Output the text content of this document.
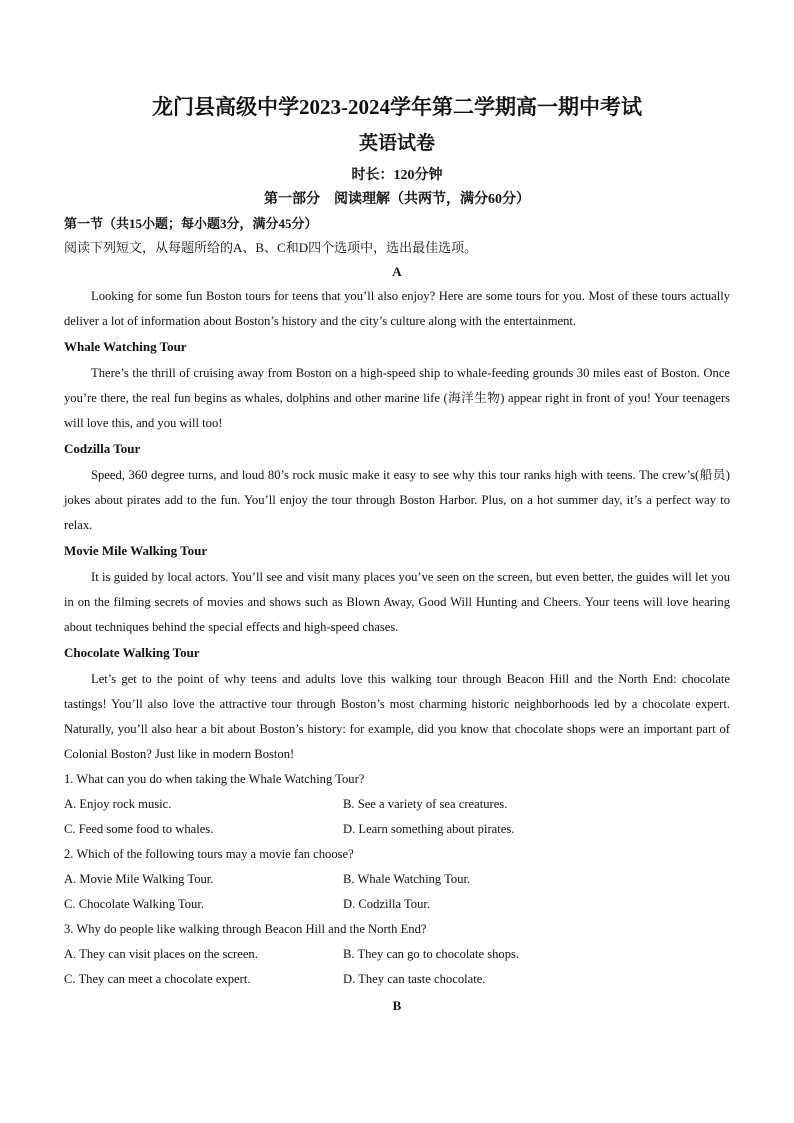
龙门县高级中学2023-2024学年第二学期高一期中考试
英语试卷
时长：120分钟
第一部分　阅读理解（共两节，满分60分）
第一节（共15小题；每小题3分，满分45分）
阅读下列短文，从每题所给的A、B、C和D四个选项中，选出最佳选项。
A

Looking for some fun Boston tours for teens that you’ll also enjoy? Here are some tours for you. Most of these tours actually deliver a lot of information about Boston’s history and the city’s culture along with the entertainment.

Whale Watching Tour

There’s the thrill of cruising away from Boston on a high-speed ship to whale-feeding grounds 30 miles east of Boston. Once you’re there, the real fun begins as whales, dolphins and other marine life (海洋生物) appear right in front of you! Your teenagers will love this, and you will too!

Codzilla Tour

Speed, 360 degree turns, and loud 80’s rock music make it easy to see why this tour ranks high with teens. The crew’s(船员) jokes about pirates add to the fun. You’ll enjoy the tour through Boston Harbor. Plus, on a hot summer day, it’s a perfect way to relax.

Movie Mile Walking Tour

It is guided by local actors. You’ll see and visit many places you’ve seen on the screen, but even better, the guides will let you in on the filming secrets of movies and shows such as Blown Away, Good Will Hunting and Cheers. Your teens will love hearing about techniques behind the special effects and high-speed chases.

Chocolate Walking Tour

Let’s get to the point of why teens and adults love this walking tour through Beacon Hill and the North End: chocolate tastings! You’ll also love the attractive tour through Boston’s most charming historic neighborhoods led by a chocolate expert. Naturally, you’ll also hear a bit about Boston’s history: for example, did you know that chocolate shops were an important part of Colonial Boston? Just like in modern Boston!

1. What can you do when taking the Whale Watching Tour?
A. Enjoy rock music.	B. See a variety of sea creatures.
C. Feed some food to whales.	D. Learn something about pirates.
2. Which of the following tours may a movie fan choose?
A. Movie Mile Walking Tour.	B. Whale Watching Tour.
C. Chocolate Walking Tour.	D. Codzilla Tour.
3. Why do people like walking through Beacon Hill and the North End?
A. They can visit places on the screen.	B. They can go to chocolate shops.
C. They can meet a chocolate expert.	D. They can taste chocolate.
B
